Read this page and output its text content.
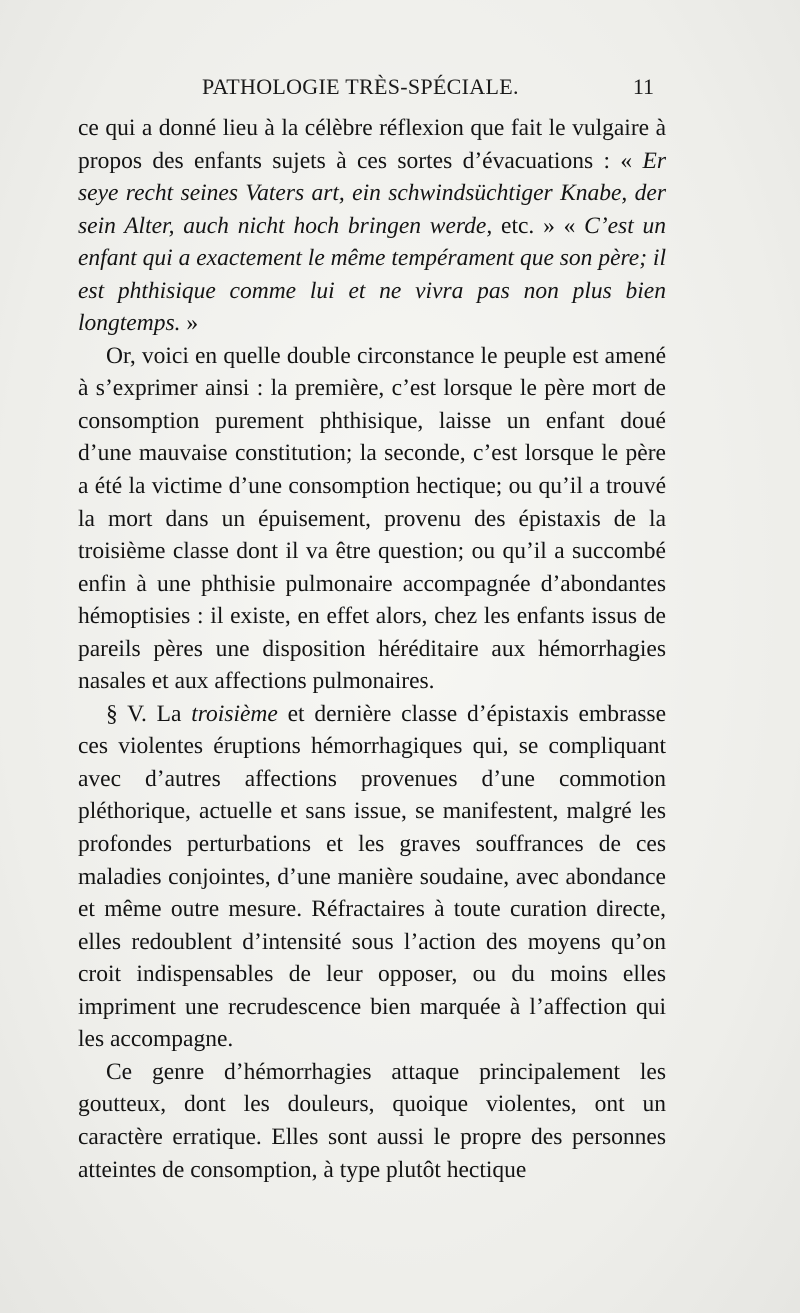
PATHOLOGIE TRÈS-SPÉCIALE.	11

ce qui a donné lieu à la célèbre réflexion que fait le vulgaire à propos des enfants sujets à ces sortes d’évacuations : « Er seye recht seines Vaters art, ein schwindsüchtiger Knabe, der sein Alter, auch nicht hoch bringen werde, etc. » « C’est un enfant qui a exactement le même tempérament que son père; il est phthisique comme lui et ne vivra pas non plus bien longtemps. »

Or, voici en quelle double circonstance le peuple est amené à s’exprimer ainsi : la première, c’est lorsque le père mort de consomption purement phthisique, laisse un enfant doué d’une mauvaise constitution; la seconde, c’est lorsque le père a été la victime d’une consomption hectique; ou qu’il a trouvé la mort dans un épuisement, provenu des épistaxis de la troisième classe dont il va être question; ou qu’il a succombé enfin à une phthisie pulmonaire accompagnée d’abondantes hémoptisies : il existe, en effet alors, chez les enfants issus de pareils pères une disposition héréditaire aux hémorrhagies nasales et aux affections pulmonaires.

§ V. La troisième et dernière classe d’épistaxis embrasse ces violentes éruptions hémorrhagiques qui, se compliquant avec d’autres affections provenues d’une commotion pléthorique, actuelle et sans issue, se manifestent, malgré les profondes perturbations et les graves souffrances de ces maladies conjointes, d’une manière soudaine, avec abondance et même outre mesure. Réfractaires à toute curation directe, elles redoublent d’intensité sous l’action des moyens qu’on croit indispensables de leur opposer, ou du moins elles impriment une recrudescence bien marquée à l’affection qui les accompagne.

Ce genre d’hémorrhagies attaque principalement les goutteux, dont les douleurs, quoique violentes, ont un caractère erratique. Elles sont aussi le propre des personnes atteintes de consomption, à type plutôt hectique
